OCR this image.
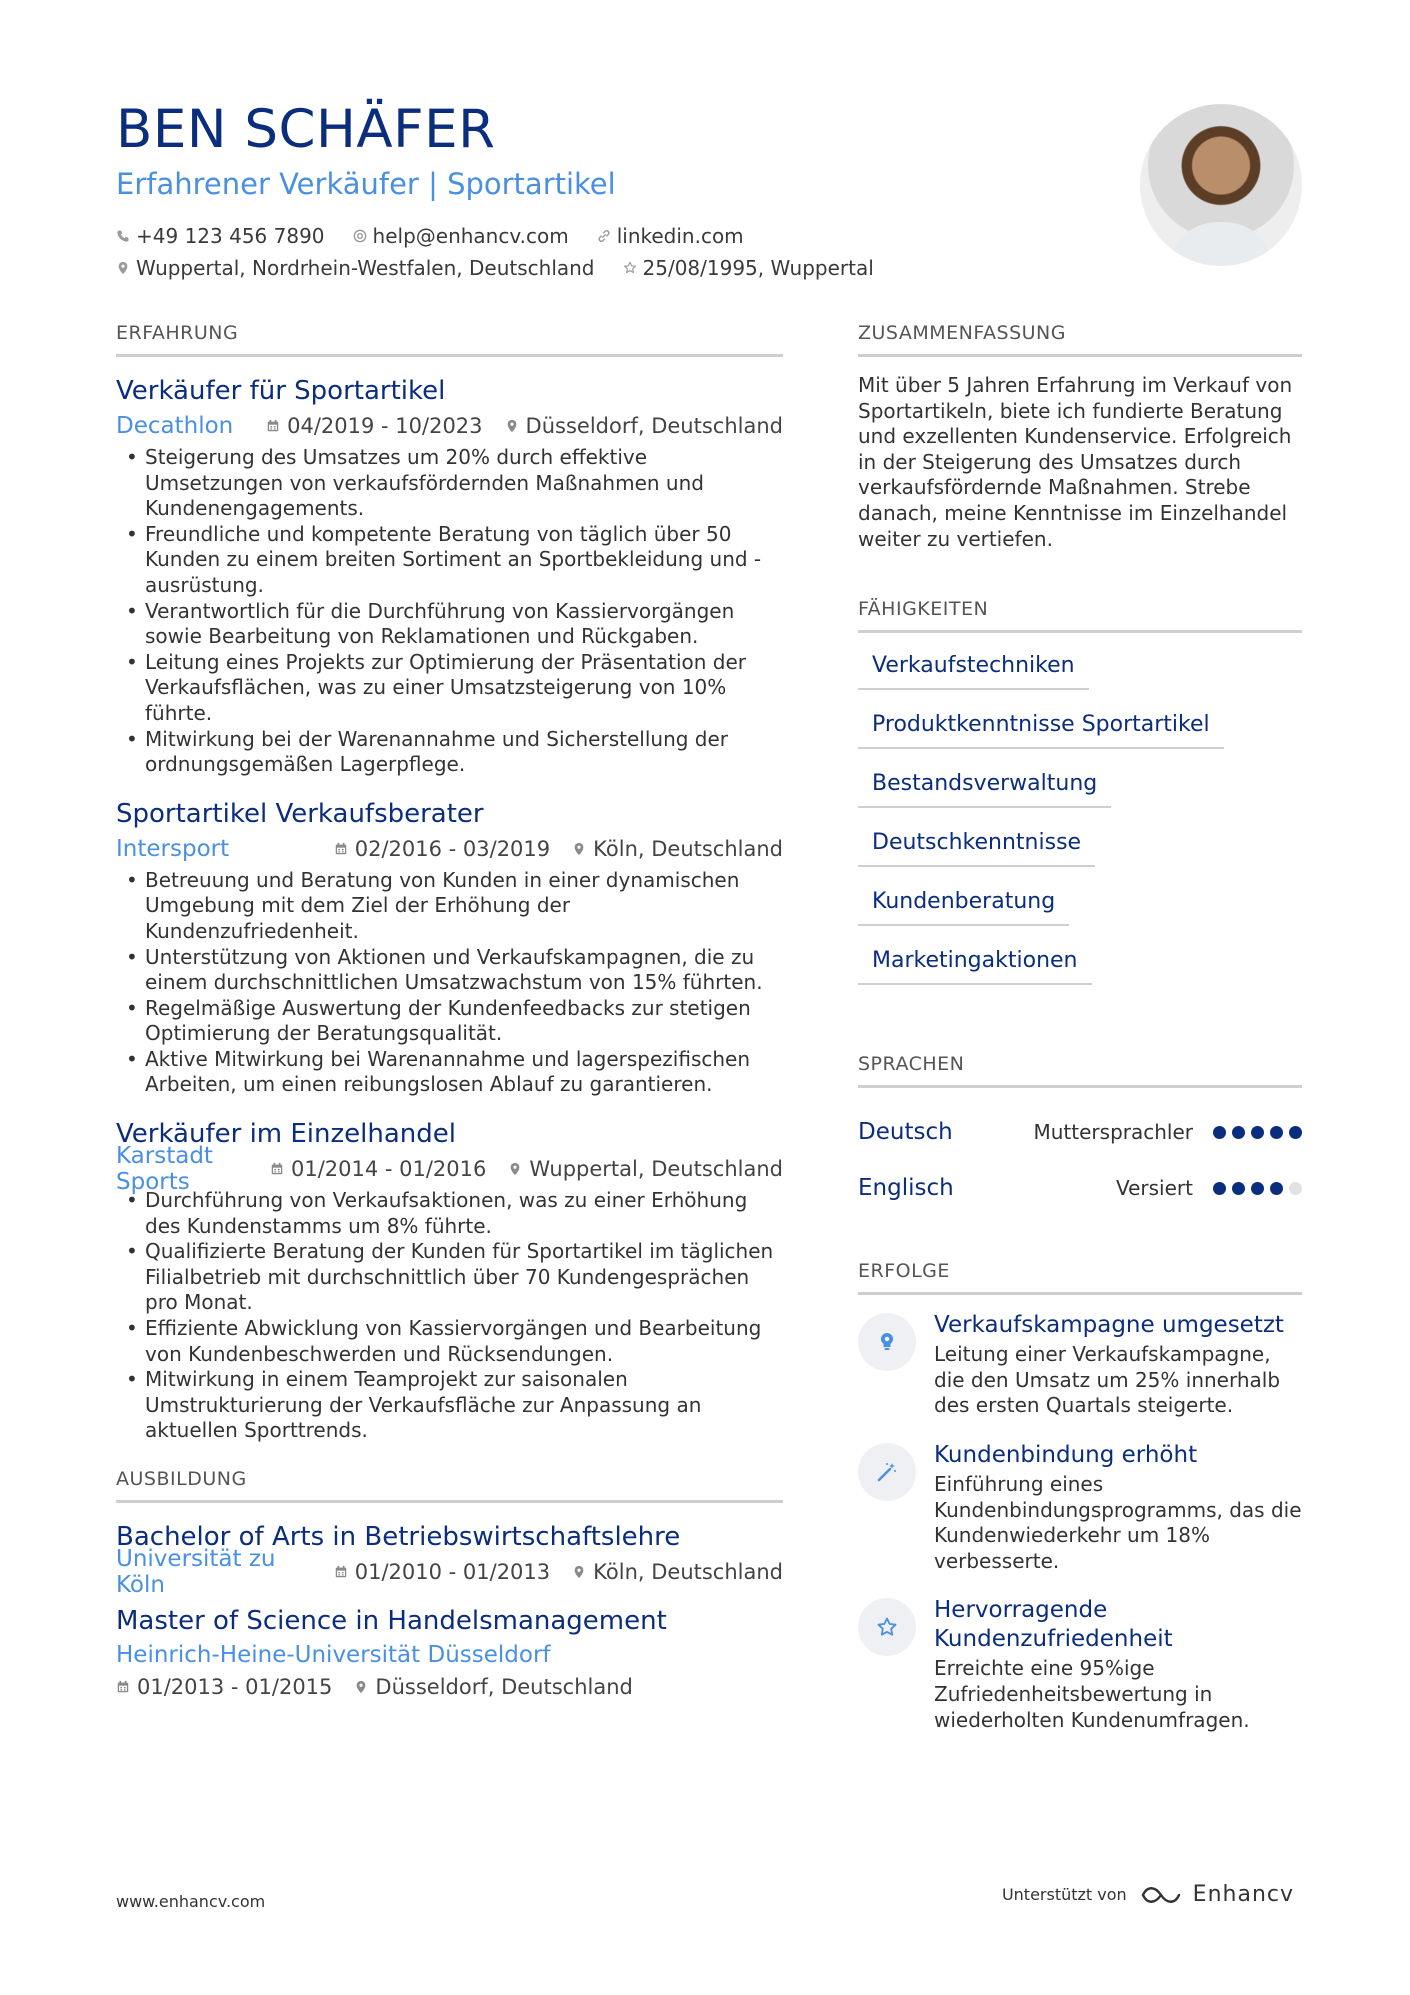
BEN SCHÄFER
Erfahrener Verkäufer | Sportartikel
+49 123 456 7890 help@enhancv.com linkedin.com
Wuppertal, Nordrhein-Westfalen, Deutschland 25/08/1995, Wuppertal
ERFAHRUNG
Verkäufer für Sportartikel
Decathlon	04/2019 - 10/2023 Düsseldorf, Deutschland
• Steigerung des Umsatzes um 20% durch effektive Umsetzungen von verkaufsfördernden Maßnahmen und Kundenengagements.
• Freundliche und kompetente Beratung von täglich über 50 Kunden zu einem breiten Sortiment an Sportbekleidung und -ausrüstung.
• Verantwortlich für die Durchführung von Kassiervorgängen sowie Bearbeitung von Reklamationen und Rückgaben.
• Leitung eines Projekts zur Optimierung der Präsentation der Verkaufsflächen, was zu einer Umsatzsteigerung von 10% führte.
• Mitwirkung bei der Warenannahme und Sicherstellung der ordnungsgemäßen Lagerpflege.
Sportartikel Verkaufsberater
Intersport	02/2016 - 03/2019 Köln, Deutschland
• Betreuung und Beratung von Kunden in einer dynamischen Umgebung mit dem Ziel der Erhöhung der Kundenzufriedenheit.
• Unterstützung von Aktionen und Verkaufskampagnen, die zu einem durchschnittlichen Umsatzwachstum von 15% führten.
• Regelmäßige Auswertung der Kundenfeedbacks zur stetigen Optimierung der Beratungsqualität.
• Aktive Mitwirkung bei Warenannahme und lagerspezifischen Arbeiten, um einen reibungslosen Ablauf zu garantieren.
Verkäufer im Einzelhandel
Karstadt Sports	01/2014 - 01/2016 Wuppertal, Deutschland
• Durchführung von Verkaufsaktionen, was zu einer Erhöhung des Kundenstamms um 8% führte.
• Qualifizierte Beratung der Kunden für Sportartikel im täglichen Filialbetrieb mit durchschnittlich über 70 Kundengesprächen pro Monat.
• Effiziente Abwicklung von Kassiervorgängen und Bearbeitung von Kundenbeschwerden und Rücksendungen.
• Mitwirkung in einem Teamprojekt zur saisonalen Umstrukturierung der Verkaufsfläche zur Anpassung an aktuellen Sporttrends.
AUSBILDUNG
Bachelor of Arts in Betriebswirtschaftslehre
Universität zu Köln	01/2010 - 01/2013 Köln, Deutschland
Master of Science in Handelsmanagement
Heinrich-Heine-Universität Düsseldorf
01/2013 - 01/2015 Düsseldorf, Deutschland
ZUSAMMENFASSUNG
Mit über 5 Jahren Erfahrung im Verkauf von Sportartikeln, biete ich fundierte Beratung und exzellenten Kundenservice. Erfolgreich in der Steigerung des Umsatzes durch verkaufsfördernde Maßnahmen. Strebe danach, meine Kenntnisse im Einzelhandel weiter zu vertiefen.
FÄHIGKEITEN
Verkaufstechniken
Produktkenntnisse Sportartikel
Bestandsverwaltung
Deutschkenntnisse
Kundenberatung
Marketingaktionen
SPRACHEN
Deutsch	Muttersprachler
Englisch	Versiert
ERFOLGE
Verkaufskampagne umgesetzt
Leitung einer Verkaufskampagne, die den Umsatz um 25% innerhalb des ersten Quartals steigerte.
Kundenbindung erhöht
Einführung eines Kundenbindungsprogramms, das die Kundenwiederkehr um 18% verbesserte.
Hervorragende Kundenzufriedenheit
Erreichte eine 95%ige Zufriedenheitsbewertung in wiederholten Kundenumfragen.
www.enhancv.com	Unterstützt von	Enhancv
